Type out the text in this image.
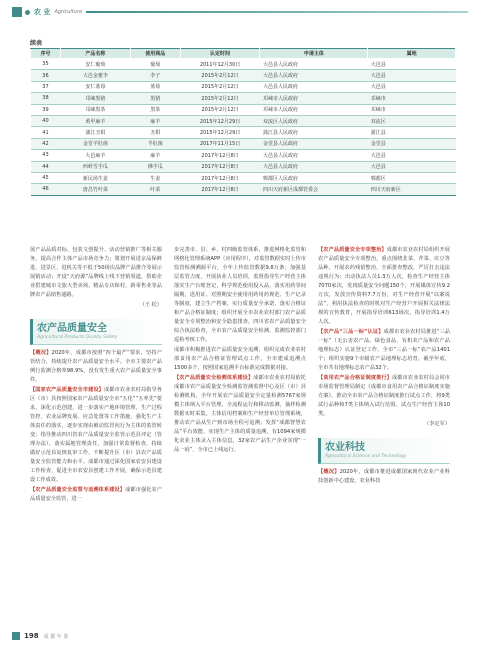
农 业 Agriculture
续表
序号	产品名称	使用商品	认定时间	申请主体	属地
35	安仁葡萄	葡萄	2011年12月30日	大邑县人民政府	大邑县
36	大邑金蜜李	李子	2015年2月12日	大邑县人民政府	大邑县
37	安仁蓝莓	蓝莓	2015年2月12日	大邑县人民政府	大邑县
38	邛崃黑猪	黑猪	2015年2月12日	邛崃市人民政府	邛崃市
39	邛崃黑茶	黑茶	2015年2月12日	邛崃市人民政府	邛崃市
40	黄甲麻羊	麻羊	2015年12月29日	双流区人民政府	双流区
41	蒲江丑柑	丑柑	2015年12月29日	蒲江县人民政府	蒲江县
42	金堂羊肚菌	羊肚菌	2017年11月15日	金堂县人民政府	金堂县
43	大邑麻羊	麻羊	2017年12月8日	大邑县人民政府	大邑县
44	西岭雪手瓜	佛手瓜	2017年12月8日	大邑县人民政府	大邑县
45	新民场生姜	生姜	2017年12月8日	郫都区人民政府	郫都区
46	唐昌竹叶菜	叶菜	2017年12月8日	四川天府新区成都管委会	四川天府新区

展产品品质对标、包装文创提升、活动营销推广等相关服务，提高合作主体产品市场竞争力；策划开展进京品保鲜进、进景区、进机关等不低于50场次品牌产品推介等展示展销活动；开设“天府源”品牌线上线下营销渠道，帮助企业搭建城市文旅大型卖场，精品专店和村，新零售业等品牌农产品销售通路。

（王 松）

农产品质量安全
Agricultural Products Quality Safety

【概况】2020年，成都市按照“四个最严”要求，坚持产管结合，持续提升农产品质量安全水平。全市主要农产品例行监测合格率98.9%，没有发生重大农产品质量安全事件。

【国家农产品质量安全市建设】成都市农业农村局指导各区（市）县按照国家农产品质量安全市“五化”“五率先”要求，深化示范创建，进一步落实产地环境管理、生产过程管控、农业品牌发展、应急处置等工作措施，强化生产主体责任的落实，逐步实现由被动监管向行为主体的监管转变；指导推动四川省农产品质量安全监管示范县评定（管理办法），落实属地管理责任，加强日常监督检查，持续做好示范县复核复审工作，不断提升区（市）县农产品质量安全监管能力和水平。成都市通过深化国家农安县建设工作检查，促进全市农安县创建工作开展，确保示范县建设工作成效。

【农产品质量安全监管与追溯体系建设】成都市强化农产品质量安全监管，进一

步完善市、县、乡、村四级监管体系，推进网格化监管和网格化管理系统APP（应用程序），对监管数据实时上传市监管检测溯源平台，全年上传监管数据9.8万条；加强基层监管力度，开展执业人员培训，监督指导生产经营主体落实生产台账登记，科学规范使用投入品，落实用药等间隔期，选用证、对照期安全使用用药用药规范、生产记录等制度，建立生产档案，实行质量安全承诺，落实合格证和产品合格证制度；组织开展全市农业农村部门农产品质量安全专项整治和安全隐患排查，四川省农产品质量安全综合执法检查，全市农产品质量安全检测、监测监控部门巡检考核工作。

成都市积极推进农产品质量安全追溯，组织完成农业农村部食用农产品合格证管理试点工作，全市建成追溯点1500多个，按照国家追溯平台标准完成数据对接。

【农产品质量安全检测体系建设】成都市农业农村局依托成都市农产品质量安全检测监管测监督中心及区（市）县检测机构，全年开展农产品质量安全定量检测5767家规模主体纳入平台管理，全流程运行和移动监测，抽样检测数据实时采集，主体信用档案和生产经营单位管理系统，推动农产品从生产到市场全程可追溯；发挥“成都智慧农品”平台效能，实现生产主体的质量追溯，有1094家规模化农业主体录入主体信息，32家农产品生产企业实现“一品一码”，全市已上线运行。

【农产品质量安全专项整治】成都市农业农村局组织开展农产品质量安全专项整治，重点围绕韭菜、芹菜、豇豆等品种，开展农药残留整治，全面排查整改，严厉打击违法违规行为；出动执法人员1.3万人次，检查生产经营主体7070家次，发现质量安全问题150个，开展媒体宣传9.2万次，发放宣传资料7.7万份，对生产经营开展“以案说法”，利用执法检查的时机对生产经营户开展相关法律法规的宣传教育，开展指导培训613场次，指导培训1.4万人次。

【农产品“三品一标”认证】成都市农业农村局推进“三品一标”（无公害农产品、绿色食品、有机农产品和农产品地理标志）认证登记工作，全市“三品一标”农产品1401个；组织实施9个市级农产品地理标志培育，截至年底，全市共有地理标志农产品32个。

【食用农产品合格证制度推行】成都市农业农村局会同市市场监督管理局制定《成都市食用农产品合格证制度实施方案》，推动全市农产品合格证制度推行试点工作，将9类试行品种和7类主体纳入试行范围，试点生产经营主体10类。

（李定军）

农业科技
Agricultural Science and Technology

【概况】2020年，成都市推进成都国家现代农业产业科技创新中心建设，农业科技

198 成 都 年 鉴
